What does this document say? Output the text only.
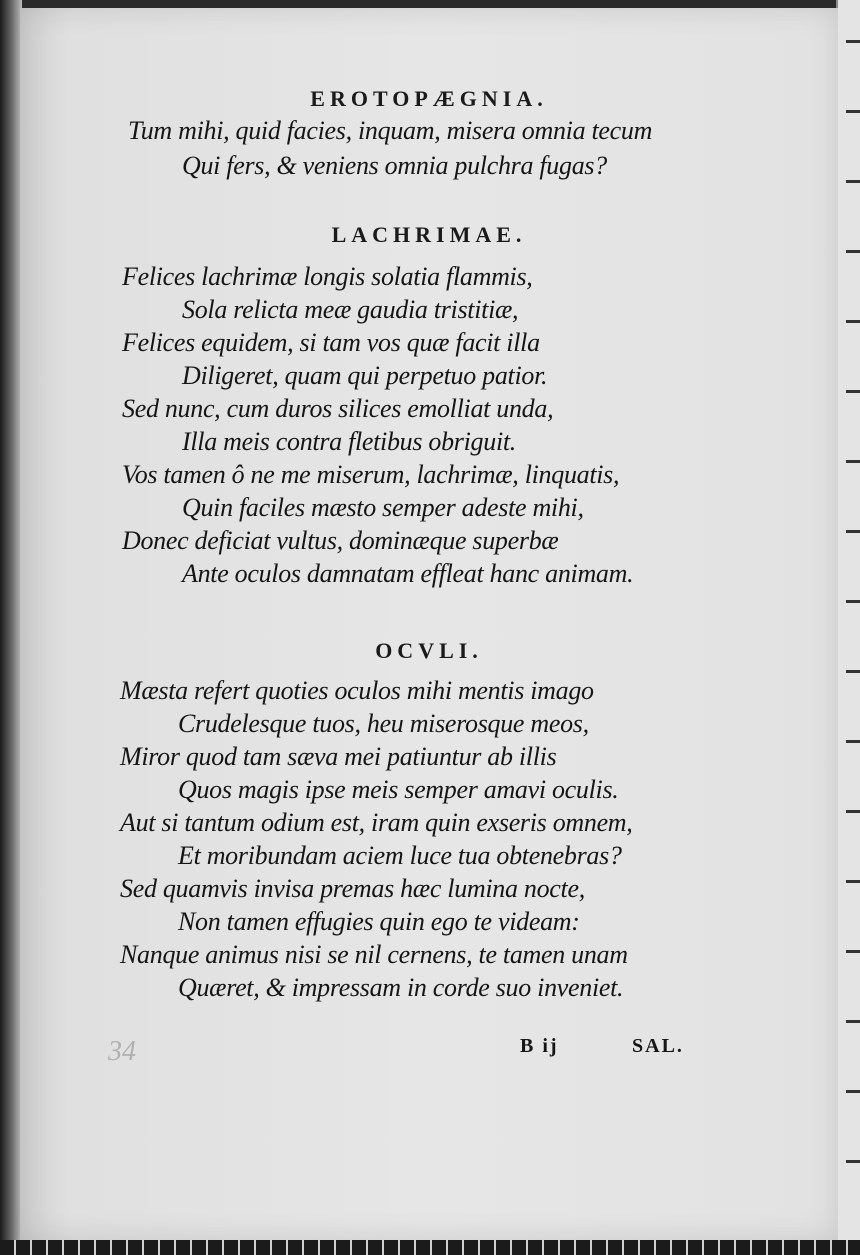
EROTOPÆGNIA.
Tum mihi, quid facies, inquam, misera omnia tecum
Qui fers, & veniens omnia pulchra fugas?
LACHRIMAE.
Felices lachrimæ longis solatia flammis,
Sola relicta meæ gaudia tristitiæ,
Felices equidem, si tam vos quæ facit illa
Diligeret, quam qui perpetuo patior.
Sed nunc, cum duros silices emolliat unda,
Illa meis contra fletibus obriguit.
Vos tamen ô ne me miserum, lachrimæ, linquatis,
Quin faciles mæsto semper adeste mihi,
Donec deficiat vultus, dominæque superbæ
Ante oculos damnatam effleat hanc animam.
OCVLI.
Mæsta refert quoties oculos mihi mentis imago
Crudelesque tuos, heu miserosque meos,
Miror quod tam sæva mei patiuntur ab illis
Quos magis ipse meis semper amavi oculis.
Aut si tantum odium est, iram quin exseris omnem,
Et moribundam aciem luce tua obtenebras?
Sed quamvis invisa premas hæc lumina nocte,
Non tamen effugies quin ego te videam:
Nanque animus nisi se nil cernens, te tamen unam
Quæret, & impressam in corde suo inveniet.
34	B ij	SAL.
